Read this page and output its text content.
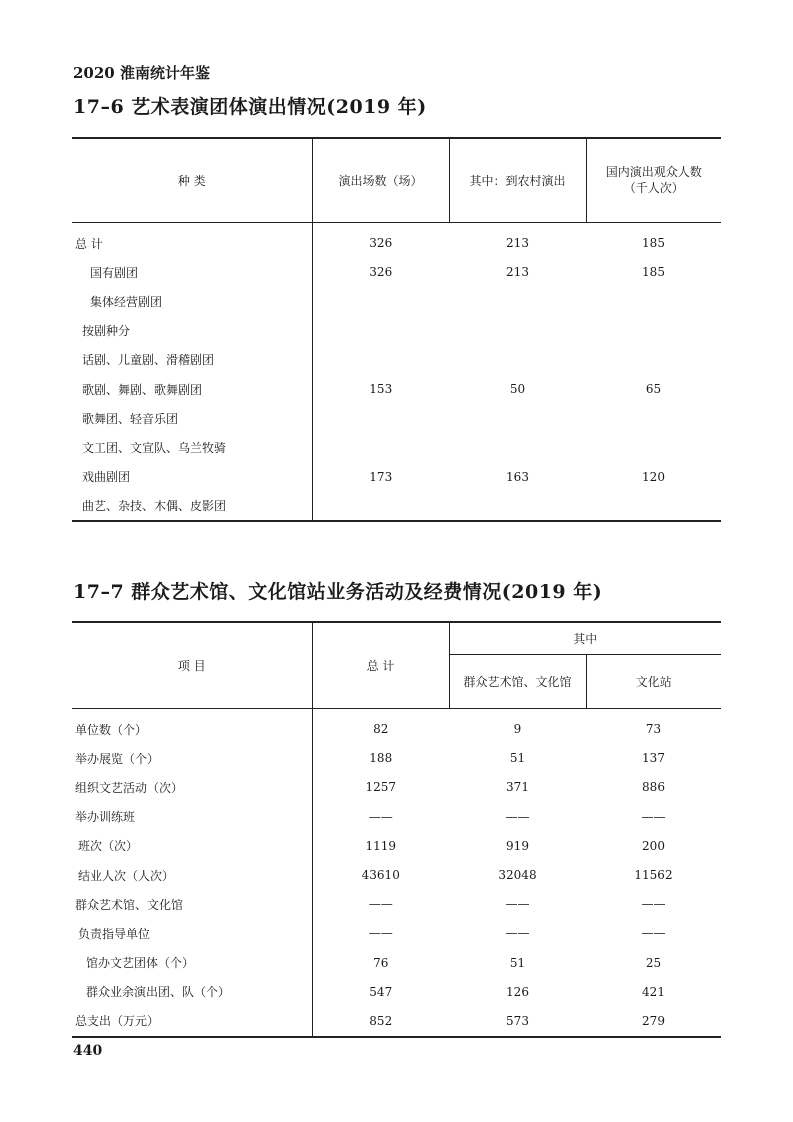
2020 淮南统计年鉴
17–6 艺术表演团体演出情况(2019 年)
种 类	演出场数（场）	其中：到农村演出	国内演出观众人数（千人次）
总 计	326	213	185
国有剧团	326	213	185
集体经营剧团			
按剧种分			
话剧、儿童剧、滑稽剧团			
歌剧、舞剧、歌舞剧团	153	50	65
歌舞团、轻音乐团			
文工团、文宣队、乌兰牧骑			
戏曲剧团	173	163	120
曲艺、杂技、木偶、皮影团			
17–7 群众艺术馆、文化馆站业务活动及经费情况(2019 年)
项 目	总 计	其中	
		群众艺术馆、文化馆	文化站
单位数（个）	82	9	73
举办展览（个）	188	51	137
组织文艺活动（次）	1257	371	886
举办训练班	——	——	——
班次（次）	1119	919	200
结业人次（人次）	43610	32048	11562
群众艺术馆、文化馆	——	——	——
负责指导单位	——	——	——
馆办文艺团体（个）	76	51	25
群众业余演出团、队（个）	547	126	421
总支出（万元）	852	573	279
440
